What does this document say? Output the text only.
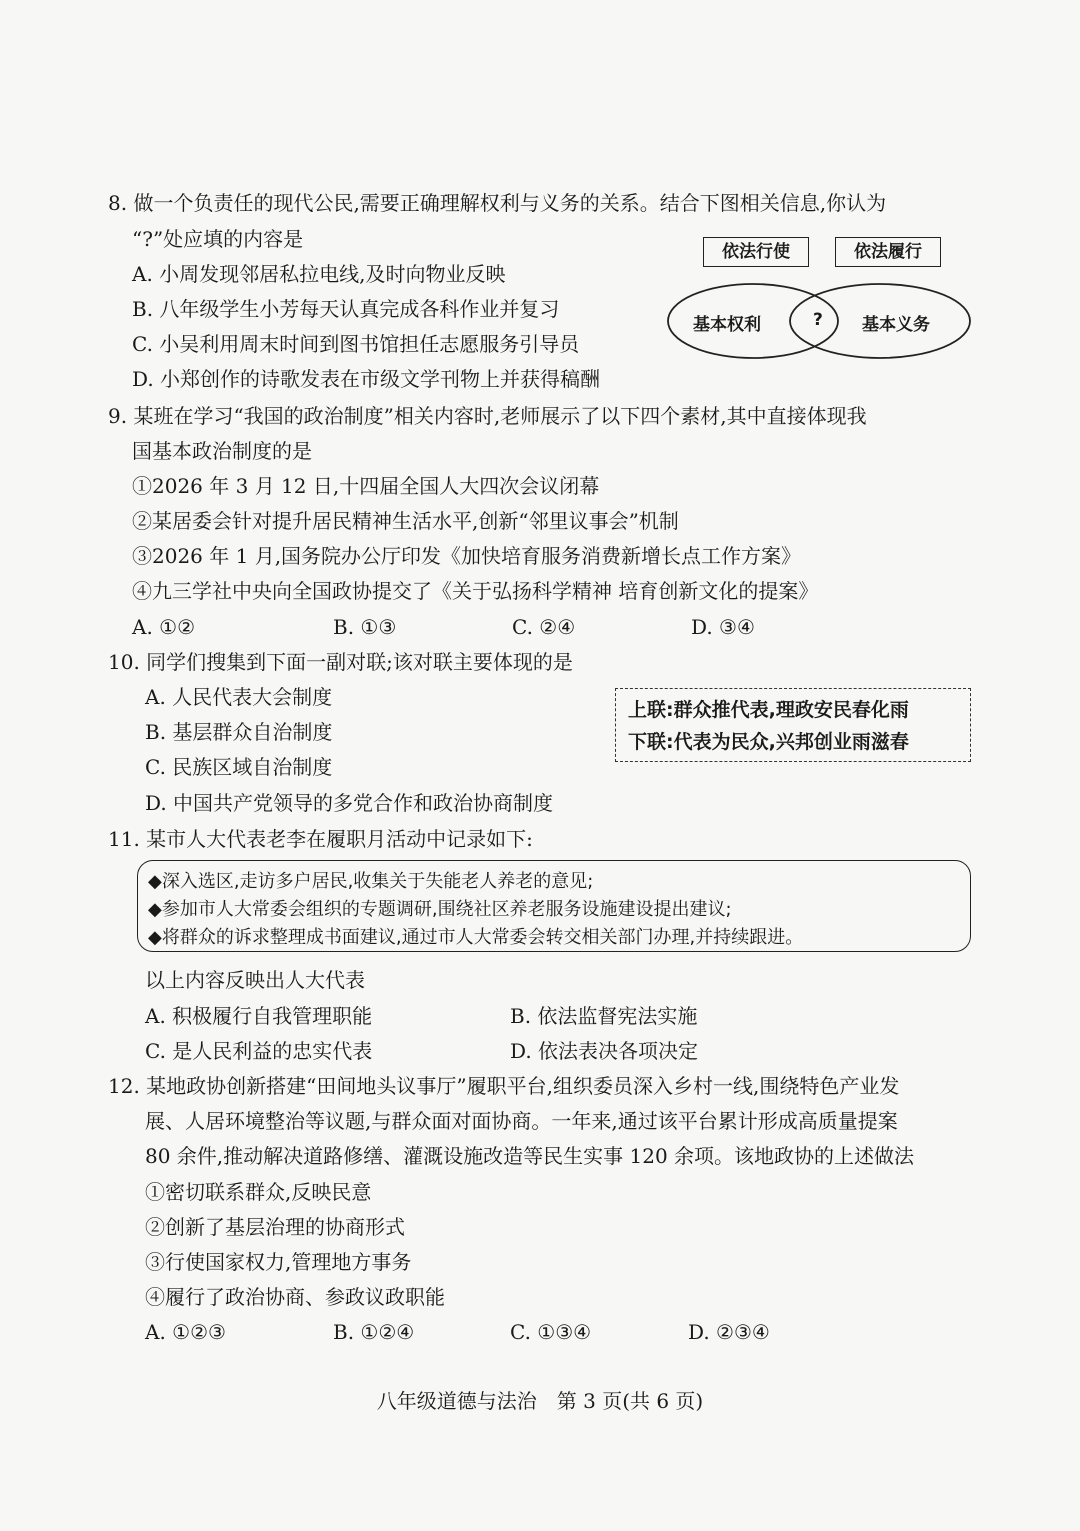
8. 做一个负责任的现代公民,需要正确理解权利与义务的关系。结合下图相关信息,你认为
“?”处应填的内容是
A. 小周发现邻居私拉电线,及时向物业反映
B. 八年级学生小芳每天认真完成各科作业并复习
C. 小吴利用周末时间到图书馆担任志愿服务引导员
D. 小郑创作的诗歌发表在市级文学刊物上并获得稿酬
依法行使	依法履行
基本权利	? 基本义务
9. 某班在学习“我国的政治制度”相关内容时,老师展示了以下四个素材,其中直接体现我
国基本政治制度的是
①2026 年 3 月 12 日,十四届全国人大四次会议闭幕
②某居委会针对提升居民精神生活水平,创新“邻里议事会”机制
③2026 年 1 月,国务院办公厅印发《加快培育服务消费新增长点工作方案》
④九三学社中央向全国政协提交了《关于弘扬科学精神 培育创新文化的提案》
A. ①②	B. ①③	C. ②④	D. ③④
10. 同学们搜集到下面一副对联;该对联主要体现的是
A. 人民代表大会制度
B. 基层群众自治制度
C. 民族区域自治制度
D. 中国共产党领导的多党合作和政治协商制度
上联:群众推代表,理政安民春化雨
下联:代表为民众,兴邦创业雨滋春
11. 某市人大代表老李在履职月活动中记录如下:
◆深入选区,走访多户居民,收集关于失能老人养老的意见;
◆参加市人大常委会组织的专题调研,围绕社区养老服务设施建设提出建议;
◆将群众的诉求整理成书面建议,通过市人大常委会转交相关部门办理,并持续跟进。
以上内容反映出人大代表
A. 积极履行自我管理职能	B. 依法监督宪法实施
C. 是人民利益的忠实代表	D. 依法表决各项决定
12. 某地政协创新搭建“田间地头议事厅”履职平台,组织委员深入乡村一线,围绕特色产业发
展、人居环境整治等议题,与群众面对面协商。一年来,通过该平台累计形成高质量提案
80 余件,推动解决道路修缮、灌溉设施改造等民生实事 120 余项。该地政协的上述做法
①密切联系群众,反映民意
②创新了基层治理的协商形式
③行使国家权力,管理地方事务
④履行了政治协商、参政议政职能
A. ①②③	B. ①②④	C. ①③④	D. ②③④
八年级道德与法治　第 3 页(共 6 页)
